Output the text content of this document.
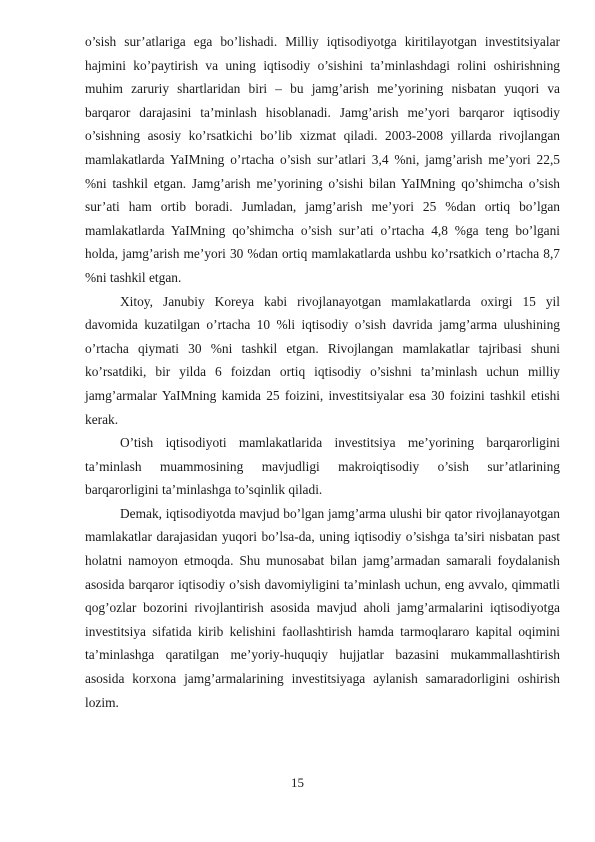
o’sish sur’atlariga ega bo’lishadi. Milliy iqtisodiyotga kiritilayotgan investitsiyalar hajmini ko’paytirish va uning iqtisodiy o’sishini ta’minlashdagi rolini oshirishning muhim zaruriy shartlaridan biri – bu jamg’arish me’yorining nisbatan yuqori va barqaror darajasini ta’minlash hisoblanadi. Jamg’arish me’yori barqaror iqtisodiy o’sishning asosiy ko’rsatkichi bo’lib xizmat qiladi. 2003-2008 yillarda rivojlangan mamlakatlarda YaIMning o’rtacha o’sish sur’atlari 3,4 %ni, jamg’arish me’yori 22,5 %ni tashkil etgan. Jamg’arish me’yorining o’sishi bilan YaIMning qo’shimcha o’sish sur’ati ham ortib boradi. Jumladan, jamg’arish me’yori 25 %dan ortiq bo’lgan mamlakatlarda YaIMning qo’shimcha o’sish sur’ati o’rtacha 4,8 %ga teng bo’lgani holda, jamg’arish me’yori 30 %dan ortiq mamlakatlarda ushbu ko’rsatkich o’rtacha 8,7 %ni tashkil etgan.

Xitoy, Janubiy Koreya kabi rivojlanayotgan mamlakatlarda oxirgi 15 yil davomida kuzatilgan o’rtacha 10 %li iqtisodiy o’sish davrida jamg’arma ulushining o’rtacha qiymati 30 %ni tashkil etgan. Rivojlangan mamlakatlar tajribasi shuni ko’rsatdiki, bir yilda 6 foizdan ortiq iqtisodiy o’sishni ta’minlash uchun milliy jamg’armalar YaIMning kamida 25 foizini, investitsiyalar esa 30 foizini tashkil etishi kerak.

O’tish iqtisodiyoti mamlakatlarida investitsiya me’yorining barqarorligini ta’minlash muammosining mavjudligi makroiqtisodiy o’sish sur’atlarining barqarorligini ta’minlashga to’sqinlik qiladi.

Demak, iqtisodiyotda mavjud bo’lgan jamg’arma ulushi bir qator rivojlanayotgan mamlakatlar darajasidan yuqori bo’lsa-da, uning iqtisodiy o’sishga ta’siri nisbatan past holatni namoyon etmoqda. Shu munosabat bilan jamg’armadan samarali foydalanish asosida barqaror iqtisodiy o’sish davomiyligini ta’minlash uchun, eng avvalo, qimmatli qog’ozlar bozorini rivojlantirish asosida mavjud aholi jamg’armalarini iqtisodiyotga investitsiya sifatida kirib kelishini faollashtirish hamda tarmoqlararo kapital oqimini ta’minlashga qaratilgan me’yoriy-huquqiy hujjatlar bazasini mukammallashtirish asosida korxona jamg’armalarining investitsiyaga aylanish samaradorligini oshirish lozim.

15
